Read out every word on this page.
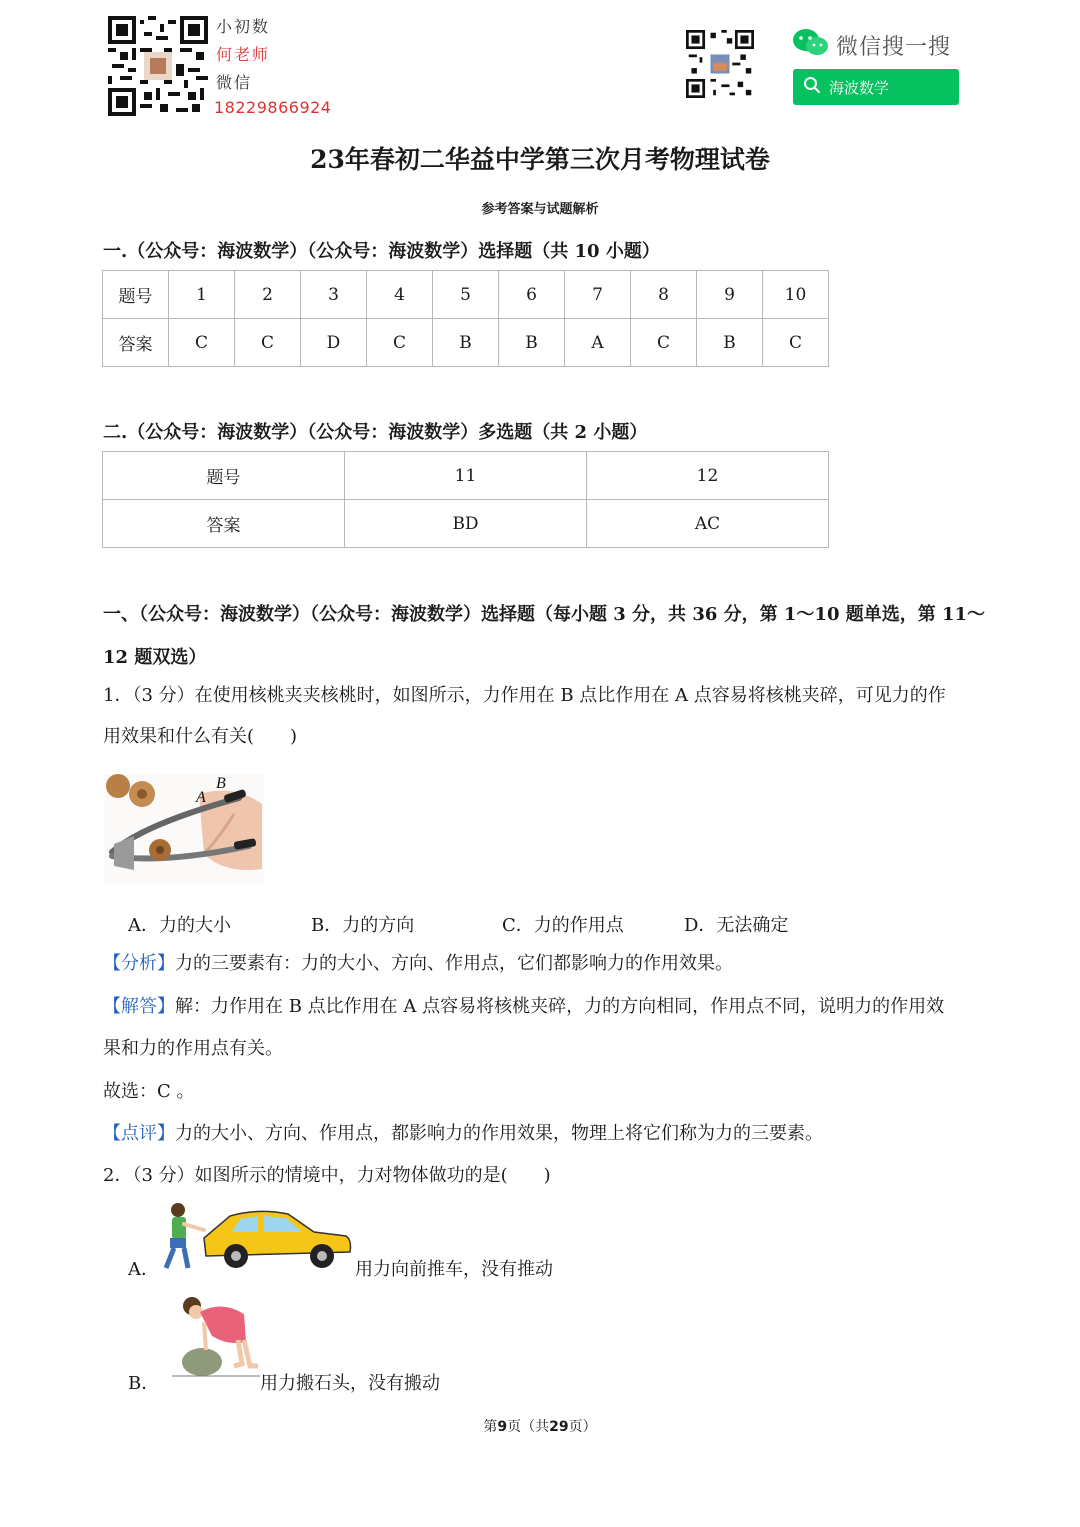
小初数
何老师
微信
18229866924
微信搜一搜
海波数学
23年春初二华益中学第三次月考物理试卷
参考答案与试题解析
一.（公众号：海波数学）（公众号：海波数学）选择题（共 10 小题）
题号	1	2	3	4	5	6	7	8	9	10
答案	C	C	D	C	B	B	A	C	B	C
二.（公众号：海波数学）（公众号：海波数学）多选题（共 2 小题）
题号	11	12
答案	BD	AC
一、（公众号：海波数学）（公众号：海波数学）选择题（每小题 3 分，共 36 分，第 1～10 题单选，第 11～
12 题双选）
1．（3 分）在使用核桃夹夹核桃时，如图所示，力作用在 B 点比作用在 A 点容易将核桃夹碎，可见力的作
用效果和什么有关(　　)
A
B
A．力的大小	B．力的方向	C．力的作用点	D．无法确定
【分析】力的三要素有：力的大小、方向、作用点，它们都影响力的作用效果。
【解答】解：力作用在 B 点比作用在 A 点容易将核桃夹碎，力的方向相同，作用点不同，说明力的作用效
果和力的作用点有关。
故选：C 。
【点评】力的大小、方向、作用点，都影响力的作用效果，物理上将它们称为力的三要素。
2．（3 分）如图所示的情境中，力对物体做功的是(　　)
A．	用力向前推车，没有推动
B．	用力搬石头，没有搬动
第9页（共29页）
